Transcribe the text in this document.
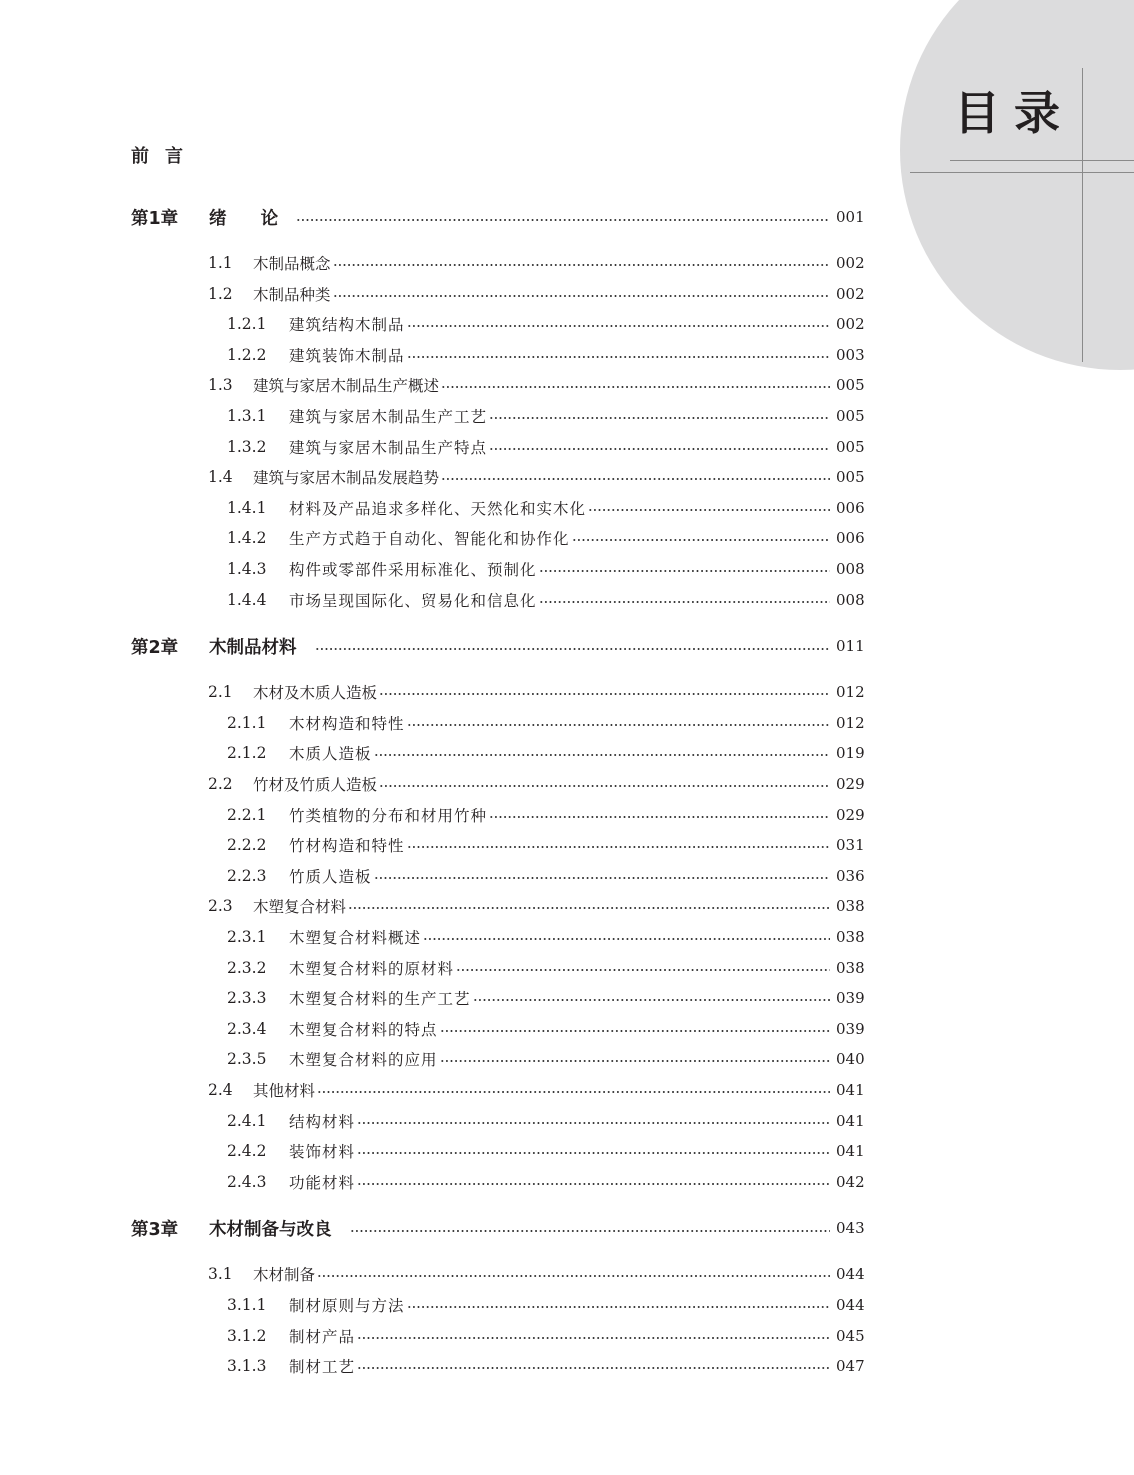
目录
前言
第1章 绪 论	001
1.1 木制品概念	002
1.2 木制品种类	002
1.2.1 建筑结构木制品	002
1.2.2 建筑装饰木制品	003
1.3 建筑与家居木制品生产概述	005
1.3.1 建筑与家居木制品生产工艺	005
1.3.2 建筑与家居木制品生产特点	005
1.4 建筑与家居木制品发展趋势	005
1.4.1 材料及产品追求多样化、天然化和实木化	006
1.4.2 生产方式趋于自动化、智能化和协作化	006
1.4.3 构件或零部件采用标准化、预制化	008
1.4.4 市场呈现国际化、贸易化和信息化	008
第2章 木制品材料	011
2.1 木材及木质人造板	012
2.1.1 木材构造和特性	012
2.1.2 木质人造板	019
2.2 竹材及竹质人造板	029
2.2.1 竹类植物的分布和材用竹种	029
2.2.2 竹材构造和特性	031
2.2.3 竹质人造板	036
2.3 木塑复合材料	038
2.3.1 木塑复合材料概述	038
2.3.2 木塑复合材料的原材料	038
2.3.3 木塑复合材料的生产工艺	039
2.3.4 木塑复合材料的特点	039
2.3.5 木塑复合材料的应用	040
2.4 其他材料	041
2.4.1 结构材料	041
2.4.2 装饰材料	041
2.4.3 功能材料	042
第3章 木材制备与改良	043
3.1 木材制备	044
3.1.1 制材原则与方法	044
3.1.2 制材产品	045
3.1.3 制材工艺	047
